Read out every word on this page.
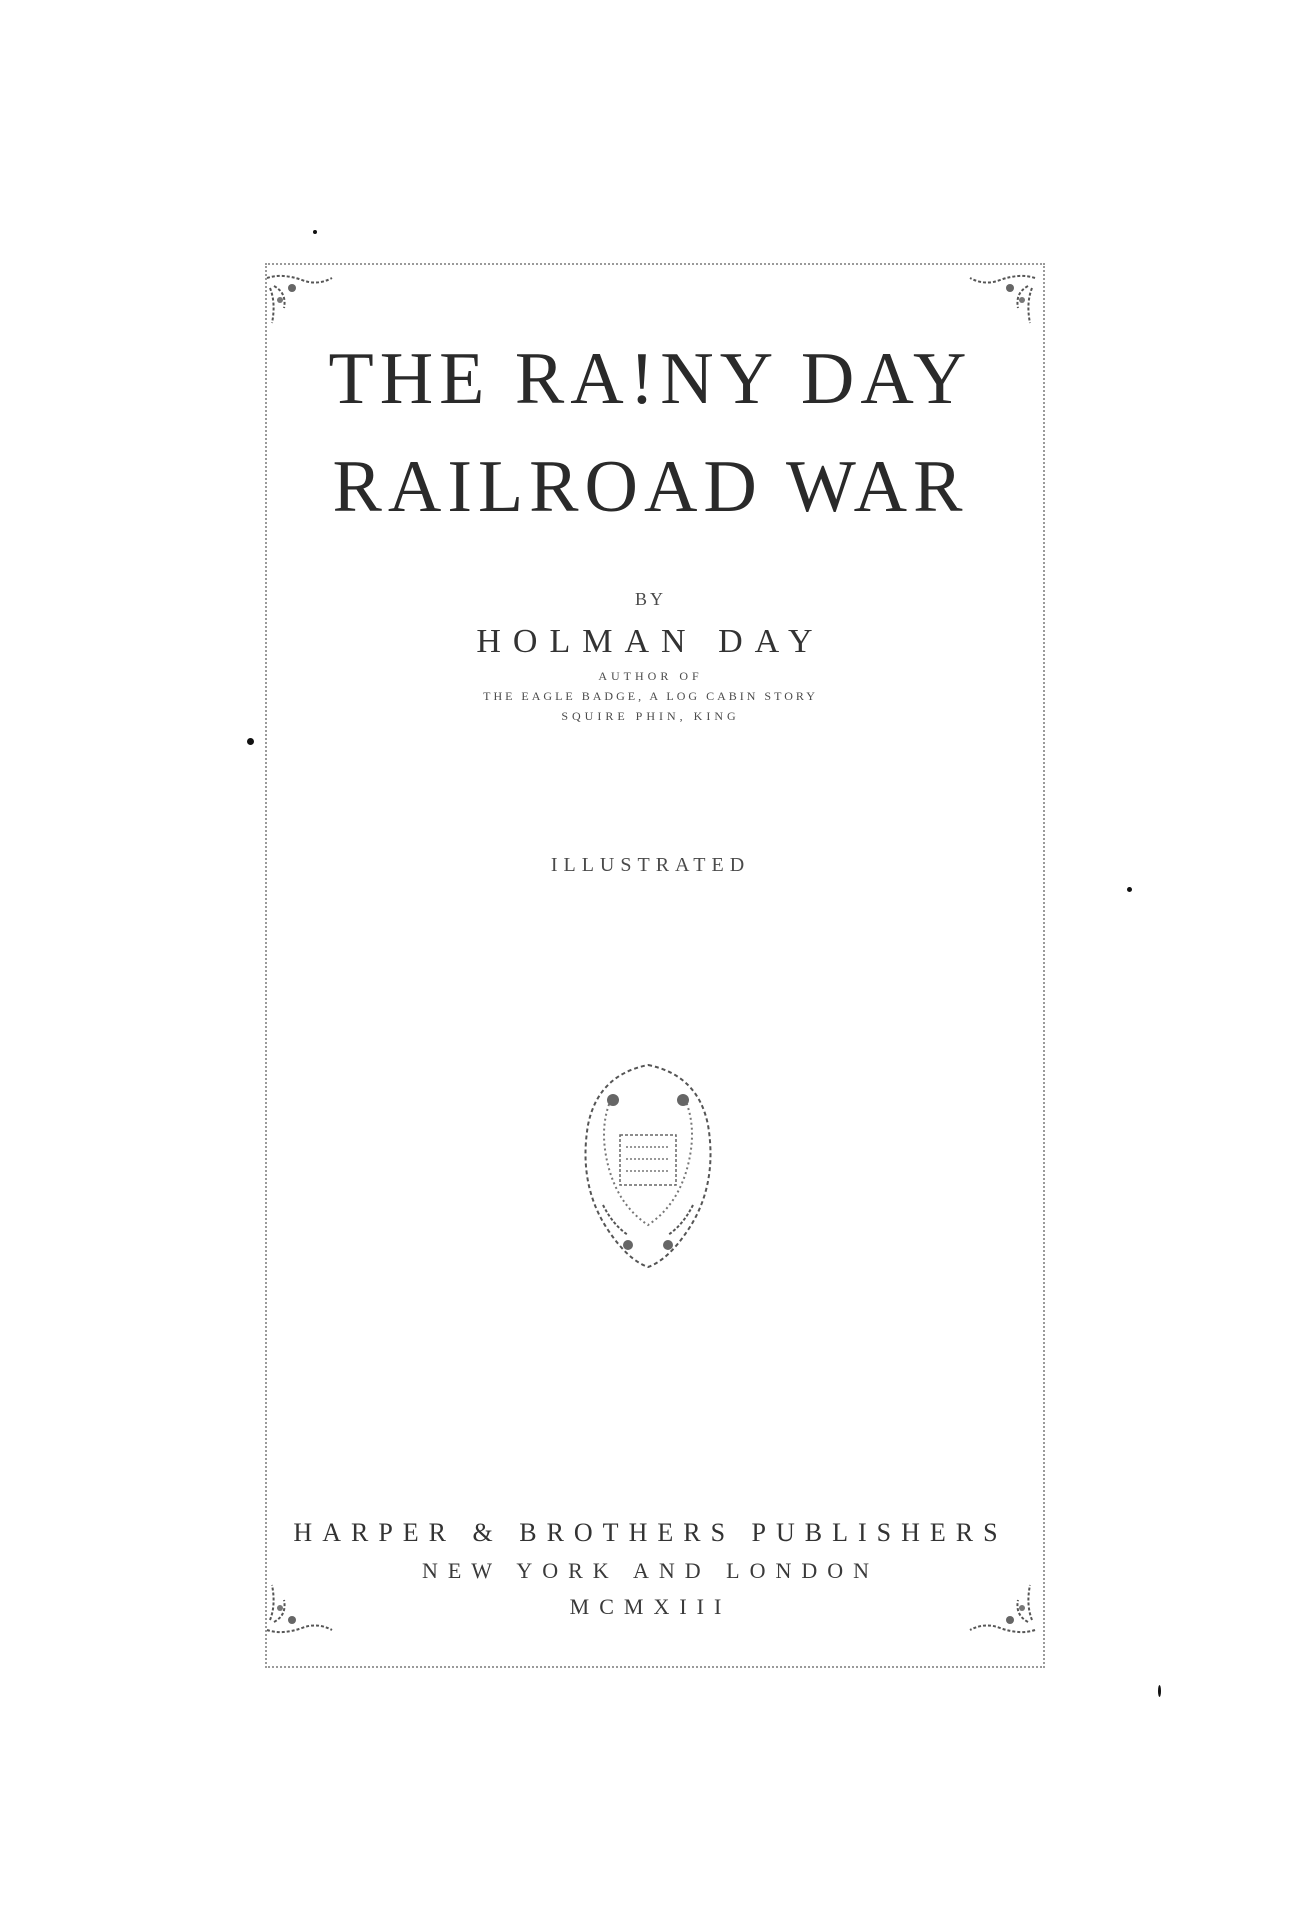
THE RA!NY DAY
RAILROAD WAR
BY
HOLMAN DAY
AUTHOR OF
THE EAGLE BADGE, A LOG CABIN STORY
SQUIRE PHIN, KING
ILLUSTRATED
HARPER & BROTHERS PUBLISHERS
NEW YORK AND LONDON
MCMXIII
